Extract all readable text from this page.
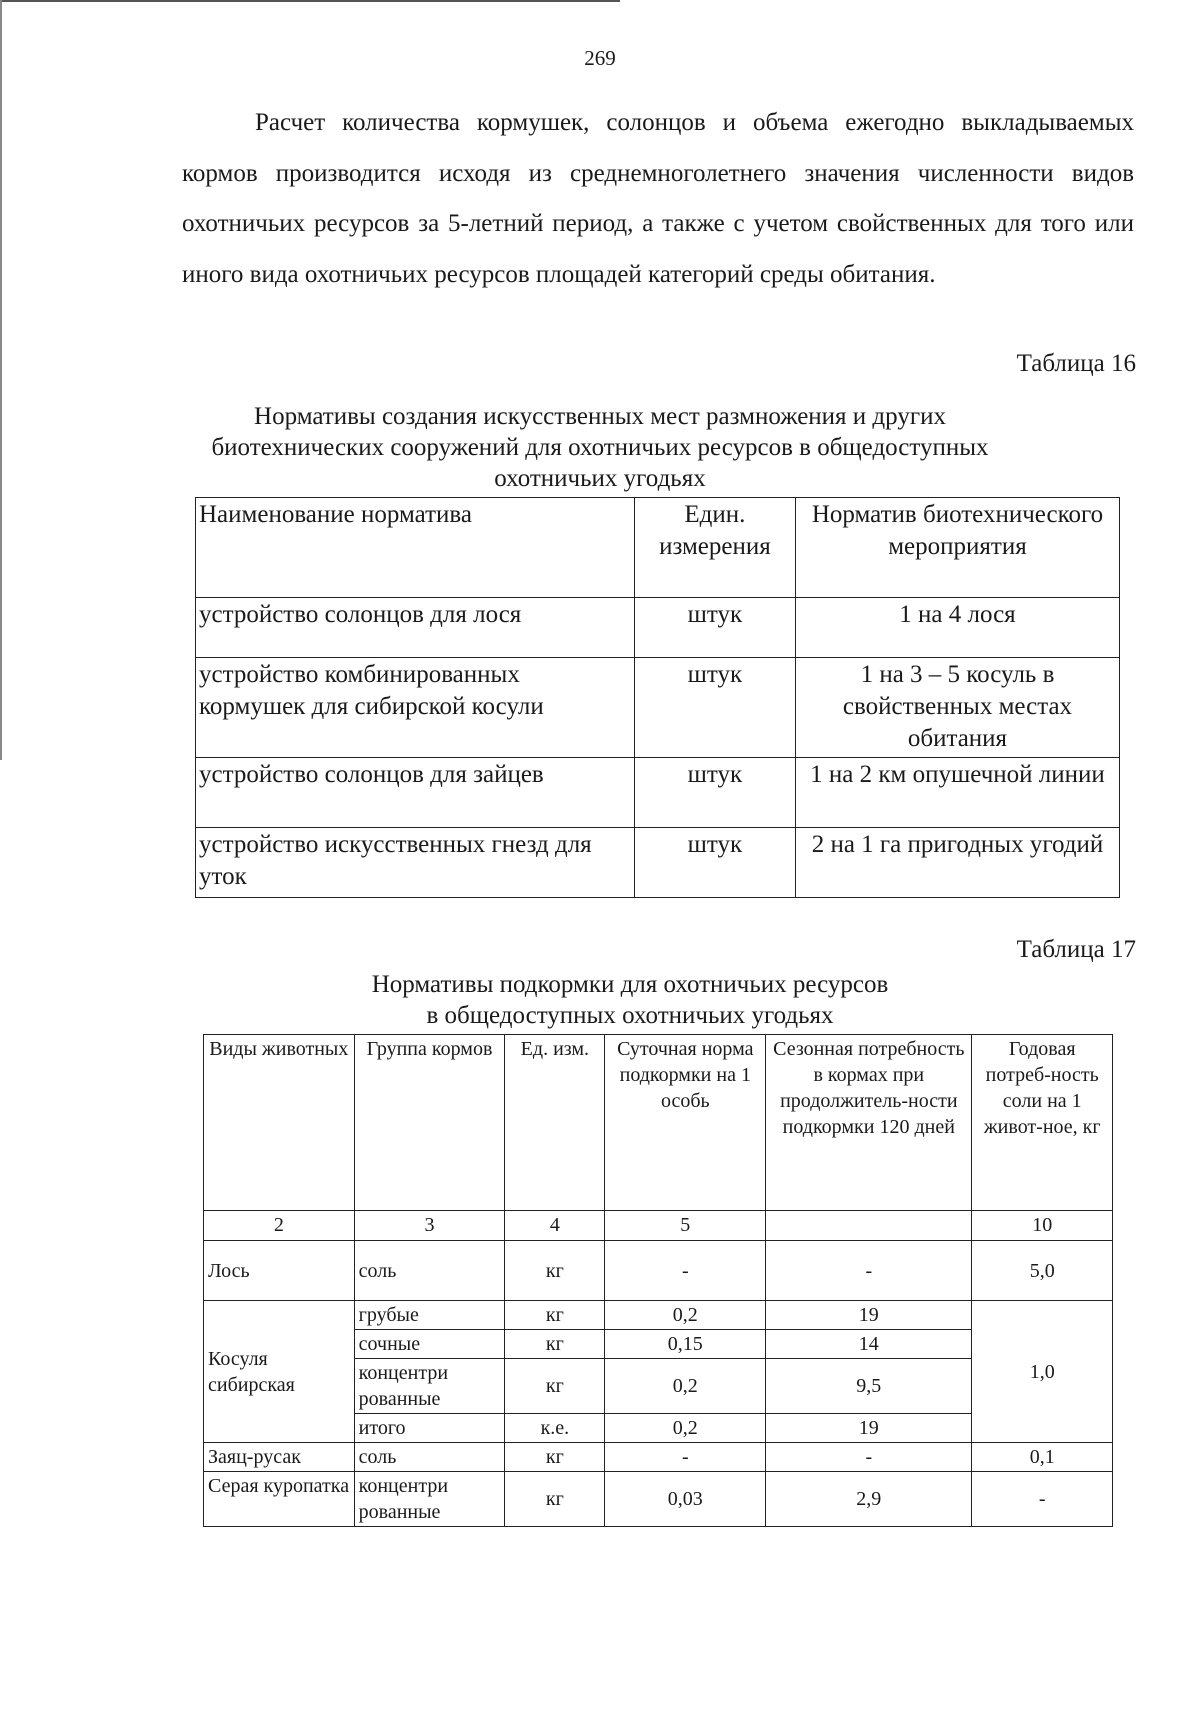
269

Расчет количества кормушек, солонцов и объема ежегодно выкладываемых кормов производится исходя из среднемноголетнего значения численности видов охотничьих ресурсов за 5-летний период, а также с учетом свойственных для того или иного вида охотничьих ресурсов площадей категорий среды обитания.

Таблица 16

Нормативы создания искусственных мест размножения и других биотехнических сооружений для охотничьих ресурсов в общедоступных охотничьих угодьях

Наименование норматива	Един. измерения	Норматив биотехнического мероприятия
устройство солонцов для лося	штук	1 на 4 лося
устройство комбинированных кормушек для сибирской косули	штук	1 на 3 – 5 косуль в свойственных местах обитания
устройство солонцов для зайцев	штук	1 на 2 км опушечной линии
устройство искусственных гнезд для уток	штук	2 на 1 га пригодных угодий
Таблица 17

Нормативы подкормки для охотничьих ресурсов
в общедоступных охотничьих угодьях

Виды животных	Группа кормов	Ед. изм.	Суточная норма подкормки на 1 особь	Сезонная потребность в кормах при продолжитель-ности подкормки 120 дней	Годовая потреб-ность соли на 1 живот-ное, кг
2	3	4	5		10
Лось	соль	кг	-	-	5,0
Косуля сибирская	грубые	кг	0,2	19	1,0
	сочные	кг	0,15	14	
	концентри рованные	кг	0,2	9,5	
	итого	к.е.	0,2	19	
Заяц-русак	соль	кг	-	-	0,1
Серая куропатка	концентри рованные	кг	0,03	2,9	-
